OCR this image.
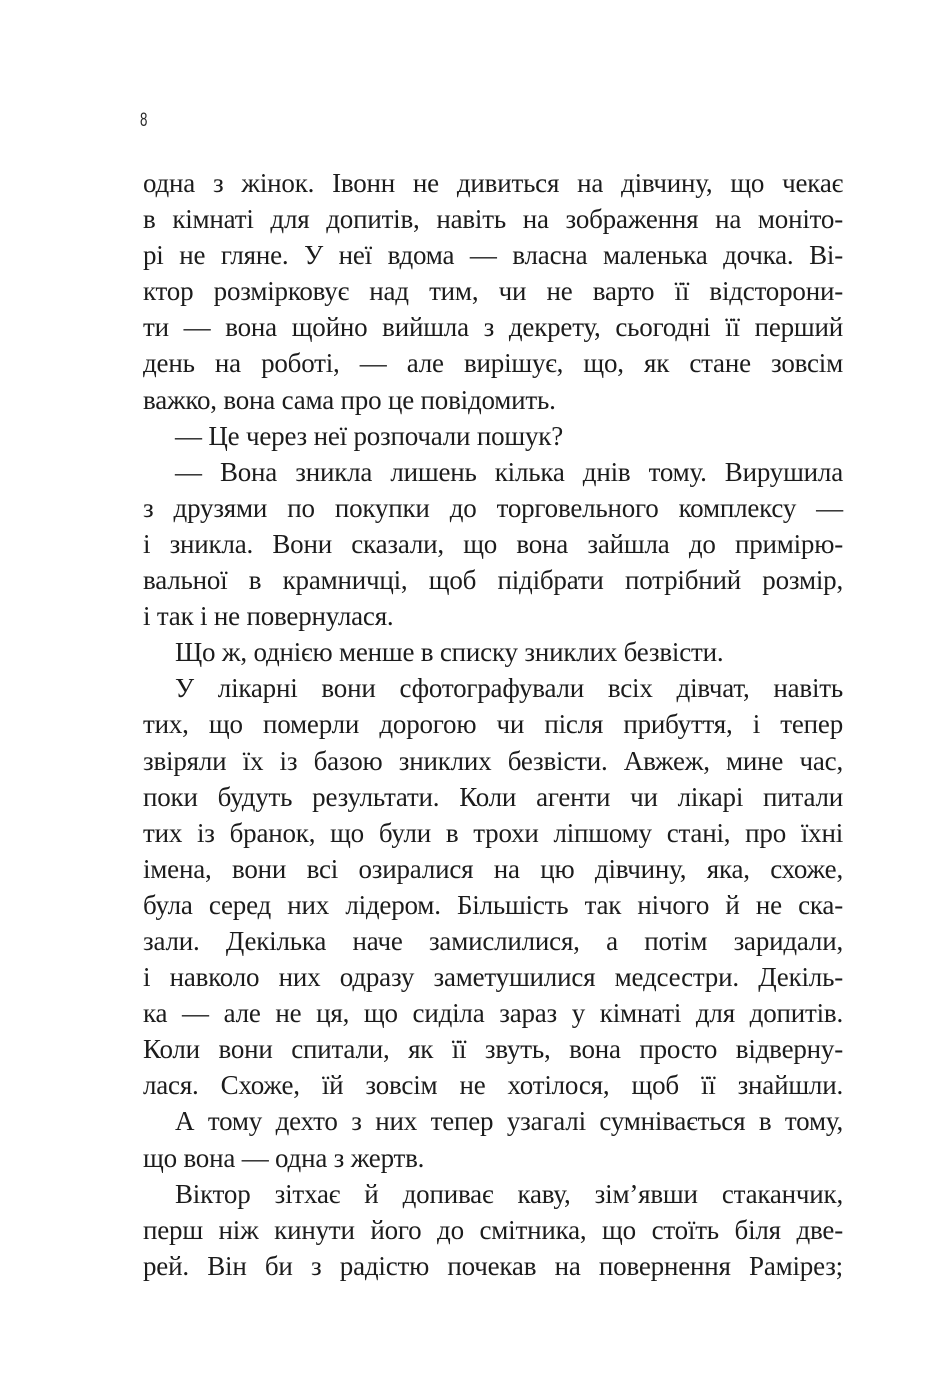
8
одна з жінок. Івонн не дивиться на дівчину, що чекає
в кімнаті для допитів, навіть на зображення на моніто-
рі не гляне. У неї вдома — власна маленька дочка. Ві-
ктор розмірковує над тим, чи не варто її відсторони-
ти — вона щойно вийшла з декрету, сьогодні її перший
день на роботі, — але вирішує, що, як стане зовсім
важко, вона сама про це повідомить.
— Це через неї розпочали пошук?
— Вона зникла лишень кілька днів тому. Вирушила
з друзями по покупки до торговельного комплексу —
і зникла. Вони сказали, що вона зайшла до примірю-
вальної в крамничці, щоб підібрати потрібний розмір,
і так і не повернулася.
Що ж, однією менше в списку зниклих безвісти.
У лікарні вони сфотографували всіх дівчат, навіть
тих, що померли дорогою чи після прибуття, і тепер
звіряли їх із базою зниклих безвісти. Авжеж, мине час,
поки будуть результати. Коли агенти чи лікарі питали
тих із бранок, що були в трохи ліпшому стані, про їхні
імена, вони всі озиралися на цю дівчину, яка, схоже,
була серед них лідером. Більшість так нічого й не ска-
зали. Декілька наче замислилися, а потім заридали,
і навколо них одразу заметушилися медсестри. Декіль-
ка — але не ця, що сиділа зараз у кімнаті для допитів.
Коли вони спитали, як її звуть, вона просто відверну-
лася. Схоже, їй зовсім не хотілося, щоб її знайшли.
А тому дехто з них тепер узагалі сумнівається в тому,
що вона — одна з жертв.
Віктор зітхає й допиває каву, зім’явши стаканчик,
перш ніж кинути його до смітника, що стоїть біля две-
рей. Він би з радістю почекав на повернення Рамірез;
